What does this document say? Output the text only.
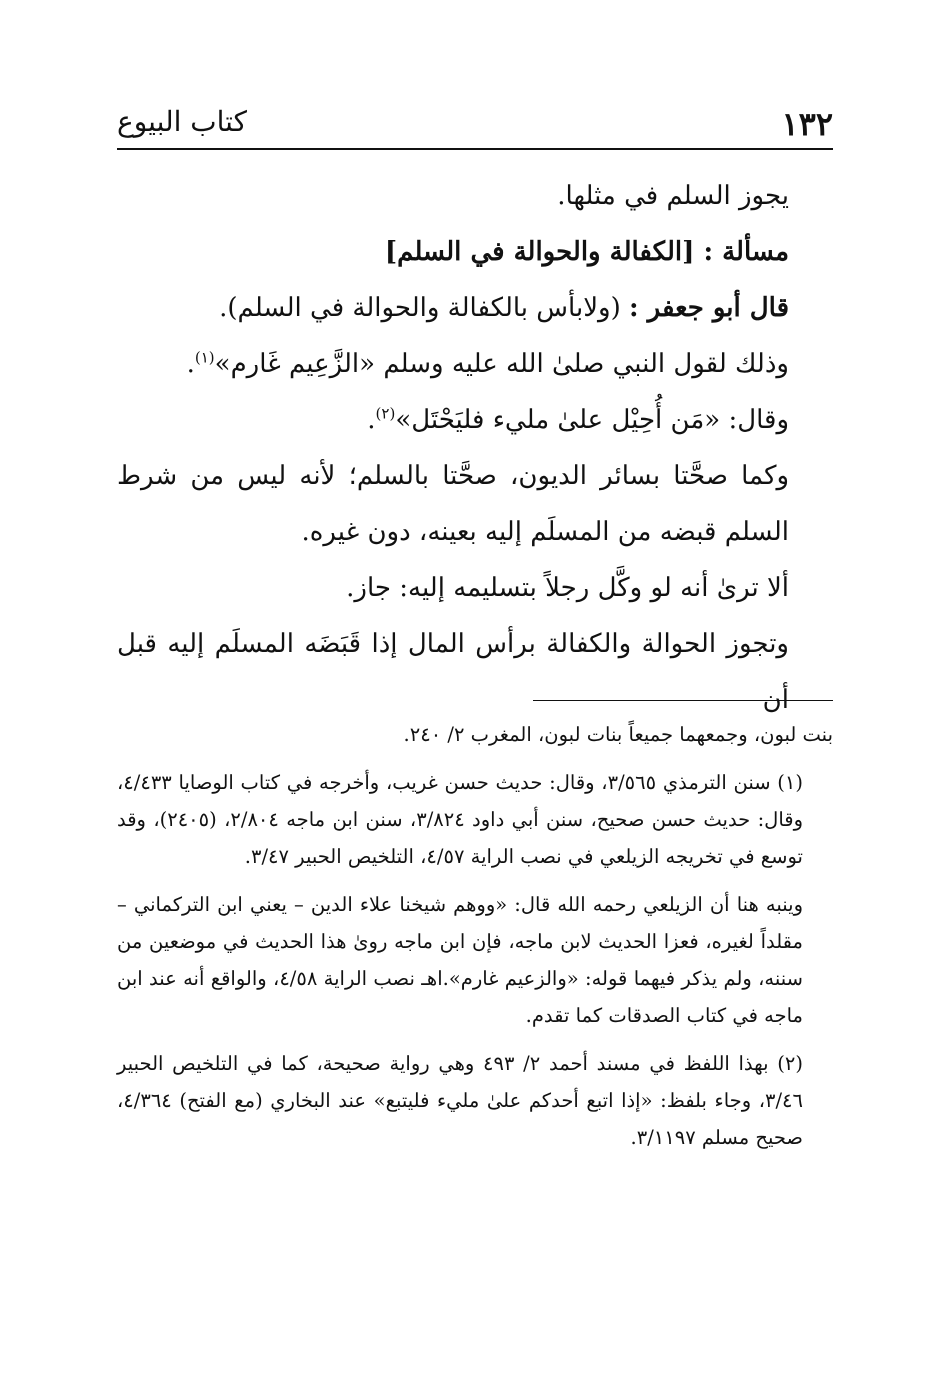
١٣٢
كتاب البيوع

يجوز السلم في مثلها.

مسألة : [الكفالة والحوالة في السلم]

قال أبو جعفر : (ولابأس بالكفالة والحوالة في السلم).

وذلك لقول النبي صلىٰ الله عليه وسلم «الزَّعِيم غَارم»$^{(١)}$.

وقال: «مَن أُحِيْل علىٰ مليء فليَحْتَل»$^{(٢)}$.

وكما صحَّتا بسائر الديون، صحَّتا بالسلم؛ لأنه ليس من شرط السلم قبضه من المسلَم إليه بعينه، دون غيره.

ألا ترىٰ أنه لو وكَّل رجلاً بتسليمه إليه: جاز.

وتجوز الحوالة والكفالة برأس المال إذا قَبَضَه المسلَم إليه قبل أن

بنت لبون، وجمعهما جميعاً بنات لبون، المغرب ٢/ ٢٤٠.

(١) سنن الترمذي ٣/٥٦٥، وقال: حديث حسن غريب، وأخرجه في كتاب الوصايا ٤/٤٣٣، وقال: حديث حسن صحيح، سنن أبي داود ٣/٨٢٤، سنن ابن ماجه ٢/٨٠٤، (٢٤٠٥)، وقد توسع في تخريجه الزيلعي في نصب الراية ٤/٥٧، التلخيص الحبير ٣/٤٧.

وينبه هنا أن الزيلعي رحمه الله قال: «ووهم شيخنا علاء الدين – يعني ابن التركماني – مقلداً لغيره، فعزا الحديث لابن ماجه، فإن ابن ماجه روىٰ هذا الحديث في موضعين من سننه، ولم يذكر فيهما قوله: «والزعيم غارم».اهـ نصب الراية ٤/٥٨، والواقع أنه عند ابن ماجه في كتاب الصدقات كما تقدم.

(٢) بهذا اللفظ في مسند أحمد ٢/ ٤٩٣ وهي رواية صحيحة، كما في التلخيص الحبير ٣/٤٦، وجاء بلفظ: «إذا اتبع أحدكم علىٰ مليء فليتبع» عند البخاري (مع الفتح) ٤/٣٦٤، صحيح مسلم ٣/١١٩٧.
